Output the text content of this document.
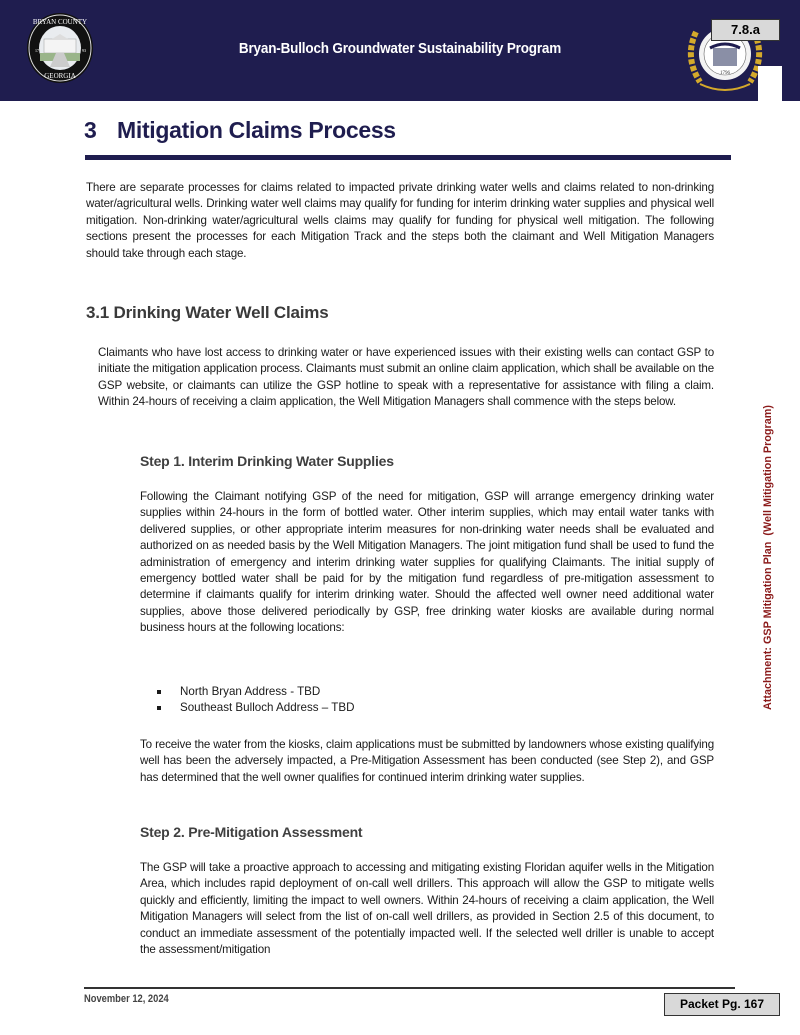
BRYAN COUNTY
GEORGIA
17	93	Bryan-Bulloch Groundwater Sustainability Program
1796
7.8.a
3 Mitigation Claims Process
There are separate processes for claims related to impacted private drinking water wells and claims related to non-drinking water/agricultural wells. Drinking water well claims may qualify for funding for interim drinking water supplies and physical well mitigation. Non-drinking water/agricultural wells claims may qualify for funding for physical well mitigation. The following sections present the processes for each Mitigation Track and the steps both the claimant and Well Mitigation Managers should take through each stage.
3.1 Drinking Water Well Claims
Claimants who have lost access to drinking water or have experienced issues with their existing wells can contact GSP to initiate the mitigation application process. Claimants must submit an online claim application, which shall be available on the GSP website, or claimants can utilize the GSP hotline to speak with a representative for assistance with filing a claim. Within 24-hours of receiving a claim application, the Well Mitigation Managers shall commence with the steps below.
Step 1. Interim Drinking Water Supplies
Following the Claimant notifying GSP of the need for mitigation, GSP will arrange emergency drinking water supplies within 24-hours in the form of bottled water. Other interim supplies, which may entail water tanks with delivered supplies, or other appropriate interim measures for non-drinking water needs shall be evaluated and authorized on as needed basis by the Well Mitigation Managers. The joint mitigation fund shall be used to fund the administration of emergency and interim drinking water supplies for qualifying Claimants. The initial supply of emergency bottled water shall be paid for by the mitigation fund regardless of pre-mitigation assessment to determine if claimants qualify for interim drinking water. Should the affected well owner need additional water supplies, above those delivered periodically by GSP, free drinking water kiosks are available during normal business hours at the following locations:
North Bryan Address - TBD
Southeast Bulloch Address – TBD
To receive the water from the kiosks, claim applications must be submitted by landowners whose existing qualifying well has been the adversely impacted, a Pre-Mitigation Assessment has been conducted (see Step 2), and GSP has determined that the well owner qualifies for continued interim drinking water supplies.
Step 2. Pre-Mitigation Assessment
The GSP will take a proactive approach to accessing and mitigating existing Floridan aquifer wells in the Mitigation Area, which includes rapid deployment of on-call well drillers. This approach will allow the GSP to mitigate wells quickly and efficiently, limiting the impact to well owners. Within 24-hours of receiving a claim application, the Well Mitigation Managers will select from the list of on-call well drillers, as provided in Section 2.5 of this document, to conduct an immediate assessment of the potentially impacted well. If the selected well driller is unable to accept the assessment/mitigation
Attachment: GSP Mitigation Plan  (Well Mitigation Program)
November 12, 2024	Packet Pg. 167
